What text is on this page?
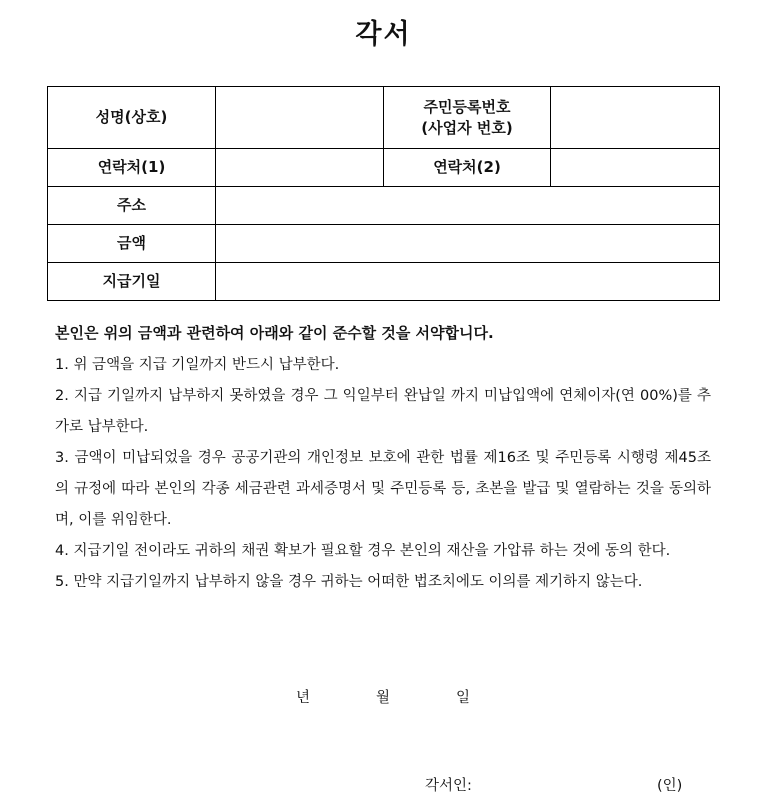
각서
성명(상호)		주민등록번호
(사업자 번호)	

연락처(1)		연락처(2)	
주소			
금액			
지급기일			
본인은 위의 금액과 관련하여 아래와 같이 준수할 것을 서약합니다.

1. 위 금액을 지급 기일까지 반드시 납부한다.

2. 지급 기일까지 납부하지 못하였을 경우 그 익일부터 완납일 까지 미납입액에 연체이자(연 00%)를 추가로 납부한다.

3. 금액이 미납되었을 경우 공공기관의 개인정보 보호에 관한 법률 제16조 및 주민등록 시행령 제45조의 규정에 따라 본인의 각종 세금관련 과세증명서 및 주민등록 등, 초본을 발급 및 열람하는 것을 동의하며, 이를 위임한다.

4. 지급기일 전이라도 귀하의 채권 확보가 필요할 경우 본인의 재산을 가압류 하는 것에 동의 한다.

5. 만약 지급기일까지 납부하지 않을 경우 귀하는 어떠한 법조치에도 이의를 제기하지 않는다.

년	월	일
각서인:	(인)
